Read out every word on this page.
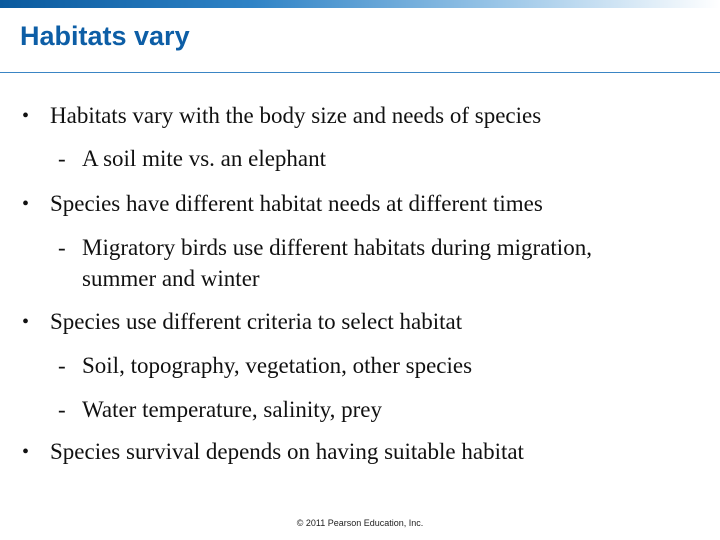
Habitats vary
• Habitats vary with the body size and needs of species
- A soil mite vs. an elephant
• Species have different habitat needs at different times
- Migratory birds use different habitats during migration,
summer and winter
• Species use different criteria to select habitat
- Soil, topography, vegetation, other species
- Water temperature, salinity, prey
• Species survival depends on having suitable habitat
© 2011 Pearson Education, Inc.
